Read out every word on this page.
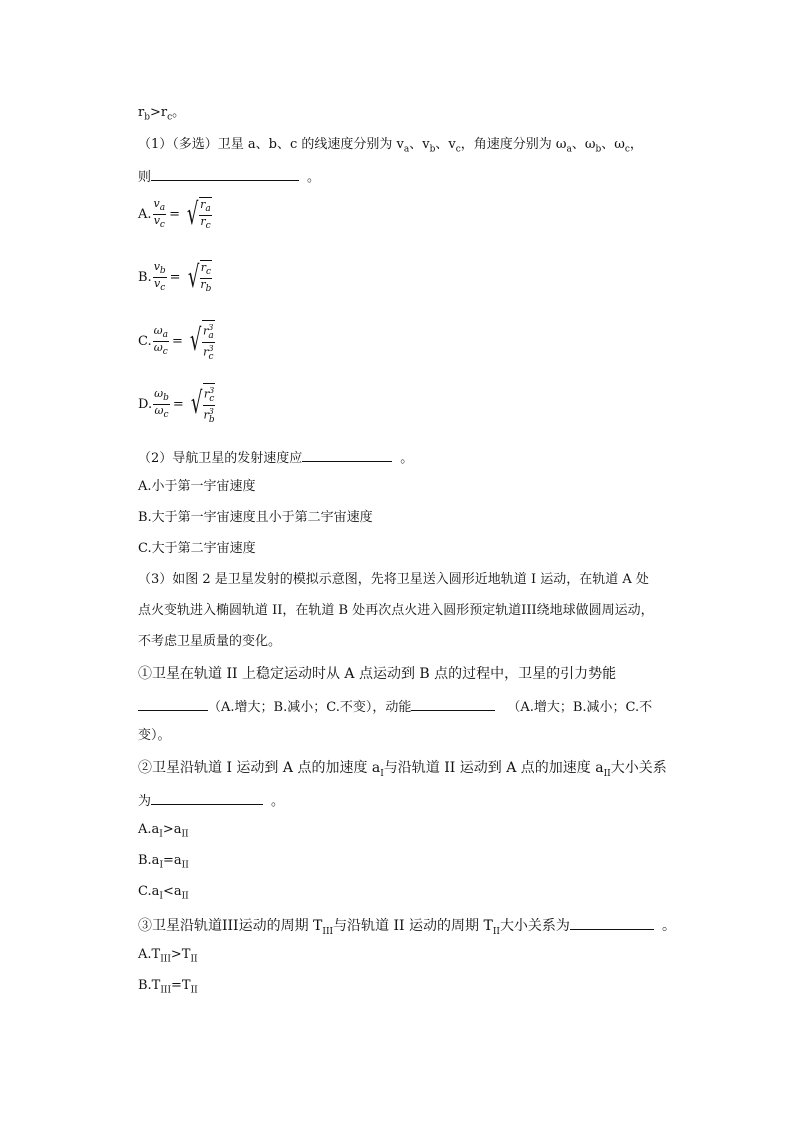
$r_b>r_c$。
（1）（多选）卫星 a、b、c 的线速度分别为 $v_a$、$v_b$、$v_c$，角速度分别为 $\omega_a$、$\omega_b$、$\omega_c$，
则	。
A. $\frac{v_a}{v_c}$ = √ $\frac{r_a}{r_c}$
B. $\frac{v_b}{v_c}$ = √ $\frac{r_c}{r_b}$
C. $\frac{\omega_a}{\omega_c}$ = √ $\frac{r^3_a}{r^3_c}$
D. $\frac{\omega_b}{\omega_c}$ = √ $\frac{r^3_c}{r^3_b}$
（2）导航卫星的发射速度应	。
A.小于第一宇宙速度
B.大于第一宇宙速度且小于第二宇宙速度
C.大于第二宇宙速度
（3）如图 2 是卫星发射的模拟示意图，先将卫星送入圆形近地轨道 I 运动，在轨道 A 处
点火变轨进入椭圆轨道 II，在轨道 B 处再次点火进入圆形预定轨道III绕地球做圆周运动，
不考虑卫星质量的变化。
①卫星在轨道 II 上稳定运动时从 A 点运动到 B 点的过程中，卫星的引力势能
（A.增大；B.减小；C.不变），动能	（A.增大；B.减小；C.不
变）。
②卫星沿轨道 I 运动到 A 点的加速度 $a_I$与沿轨道 II 运动到 A 点的加速度 $a_{II}$大小关系
为	。
$A.a_I>a_{II}$
$B.a_I=a_{II}$
$C.a_I<a_{II}$
③卫星沿轨道III运动的周期 $T_{III}$与沿轨道 II 运动的周期 $T_{II}$大小关系为	。
$A.T_{III}>T_{II}$
$B.T_{III}=T_{II}$
